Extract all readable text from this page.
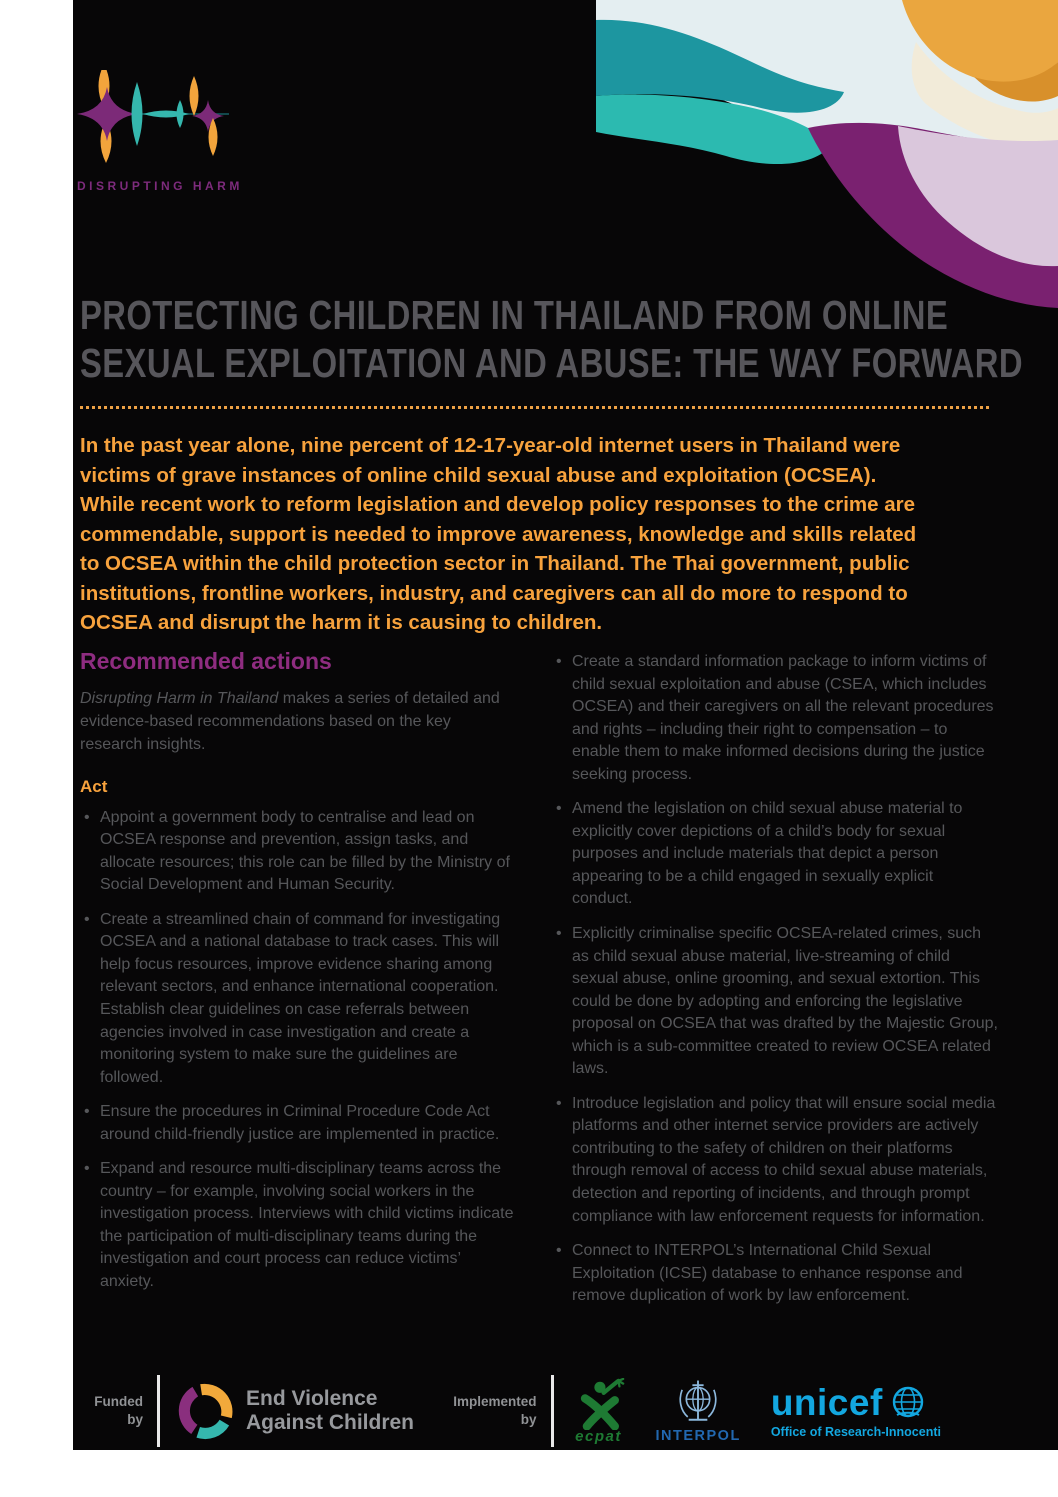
DISRUPTING HARM
PROTECTING CHILDREN IN THAILAND FROM ONLINE
SEXUAL EXPLOITATION AND ABUSE: THE WAY FORWARD
In the past year alone, nine percent of 12-17-year-old internet users in Thailand were victims of grave instances of online child sexual abuse and exploitation (OCSEA). While recent work to reform legislation and develop policy responses to the crime are commendable, support is needed to improve awareness, knowledge and skills related to OCSEA within the child protection sector in Thailand. The Thai government, public institutions, frontline workers, industry, and caregivers can all do more to respond to OCSEA and disrupt the harm it is causing to children.
Recommended actions

Disrupting Harm in Thailand makes a series of detailed and evidence-based recommendations based on the key research insights.

Act
• Appoint a government body to centralise and lead on OCSEA response and prevention, assign tasks, and allocate resources; this role can be filled by the Ministry of Social Development and Human Security.
• Create a streamlined chain of command for investigating OCSEA and a national database to track cases. This will help focus resources, improve evidence sharing among relevant sectors, and enhance international cooperation. Establish clear guidelines on case referrals between agencies involved in case investigation and create a monitoring system to make sure the guidelines are followed.
• Ensure the procedures in Criminal Procedure Code Act around child-friendly justice are implemented in practice.
• Expand and resource multi-disciplinary teams across the country – for example, involving social workers in the investigation process. Interviews with child victims indicate the participation of multi-disciplinary teams during the investigation and court process can reduce victims’ anxiety.
• Create a standard information package to inform victims of child sexual exploitation and abuse (CSEA, which includes OCSEA) and their caregivers on all the relevant procedures and rights – including their right to compensation – to enable them to make informed decisions during the justice seeking process.
• Amend the legislation on child sexual abuse material to explicitly cover depictions of a child’s body for sexual purposes and include materials that depict a person appearing to be a child engaged in sexually explicit conduct.
• Explicitly criminalise specific OCSEA-related crimes, such as child sexual abuse material, live-streaming of child sexual abuse, online grooming, and sexual extortion. This could be done by adopting and enforcing the legislative proposal on OCSEA that was drafted by the Majestic Group, which is a sub-committee created to review OCSEA related laws.
• Introduce legislation and policy that will ensure social media platforms and other internet service providers are actively contributing to the safety of children on their platforms through removal of access to child sexual abuse materials, detection and reporting of incidents, and through prompt compliance with law enforcement requests for information.
• Connect to INTERPOL’s International Child Sexual Exploitation (ICSE) database to enhance response and remove duplication of work by law enforcement.
Funded
by
End Violence
Against Children
Implemented
by
ecpat INTERPOL
unicef
Office of Research-Innocenti
